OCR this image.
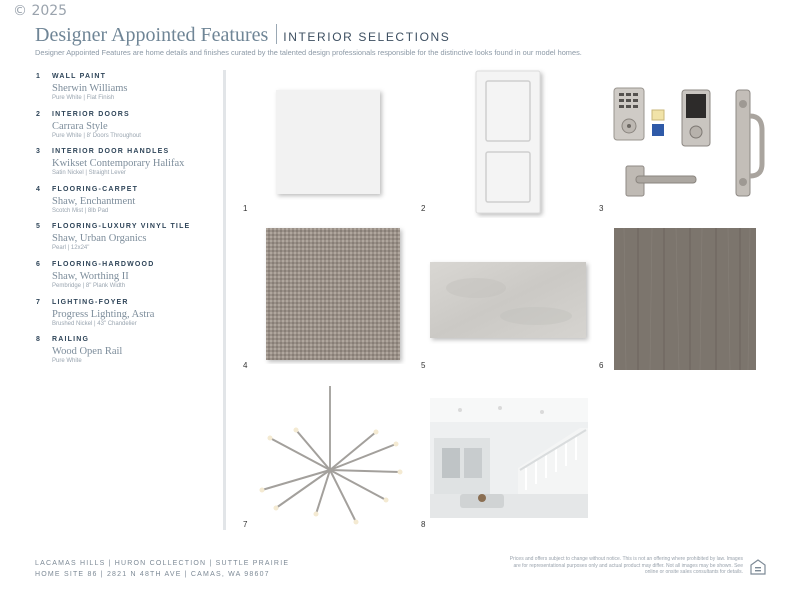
© 2025
Designer Appointed Features INTERIOR SELECTIONS
Designer Appointed Features are home details and finishes curated by the talented design professionals responsible for the distinctive looks found in our model homes.
1 WALL PAINT
Sherwin Williams
Pure White | Flat Finish
2 INTERIOR DOORS
Carrara Style
Pure White | 8' Doors Throughout
3 INTERIOR DOOR HANDLES
Kwikset Contemporary Halifax
Satin Nickel | Straight Lever
4 FLOORING-CARPET
Shaw, Enchantment
Scotch Mist | 8lb Pad
5 FLOORING-LUXURY VINYL TILE
Shaw, Urban Organics
Pearl | 12x24"
6 FLOORING-HARDWOOD
Shaw, Worthing II
Pembridge | 8" Plank Width
7 LIGHTING-FOYER
Progress Lighting, Astra
Brushed Nickel | 43" Chandelier
8 RAILING
Wood Open Rail
Pure White
1	2	3
4	5	6
7	8
LACAMAS HILLS | HURON COLLECTION | SUTTLE PRAIRIE
HOME SITE 86 | 2821 N 48TH AVE | CAMAS, WA 98607
Prices and offers subject to change without notice. This is not an offering where prohibited by law. Images are for representational purposes only and actual product may differ. Not all images may be shown. See online or onsite sales consultants for details.
